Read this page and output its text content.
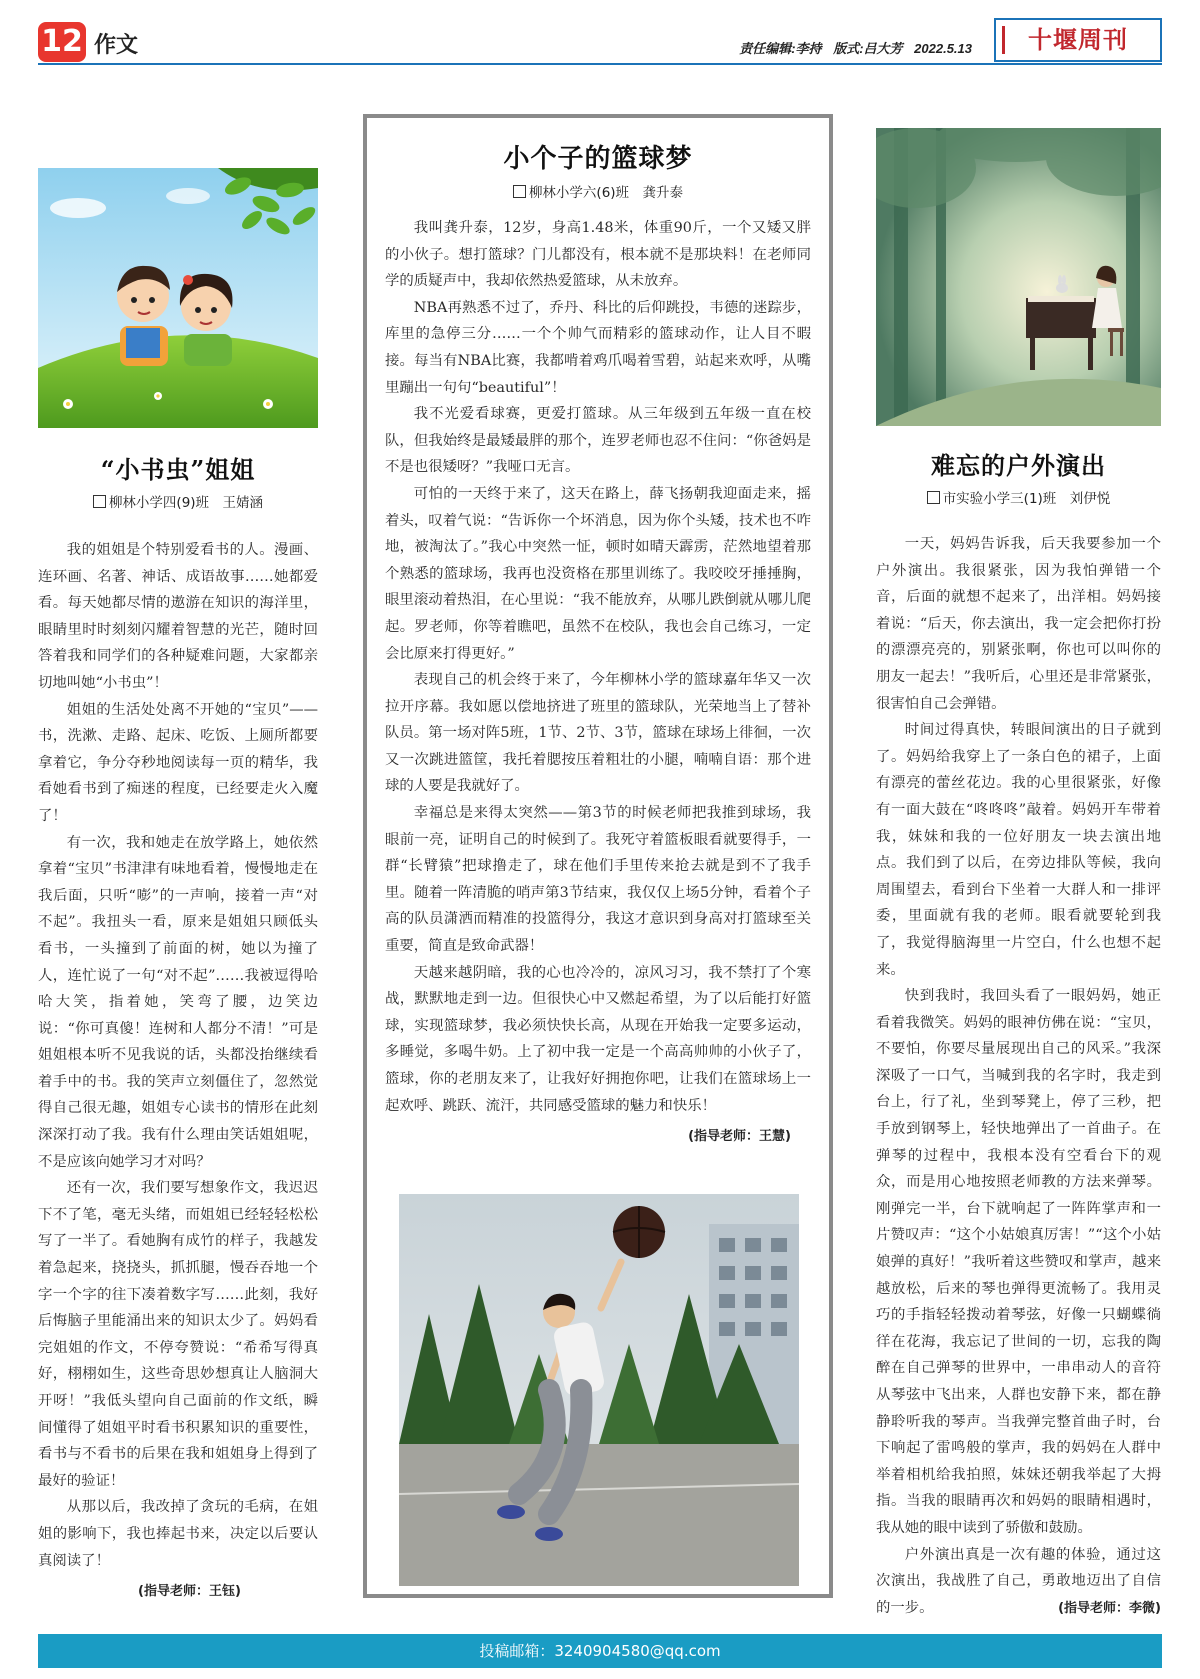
12 作文	责任编辑:李持 版式:吕大芳 2022.5.13	十堰周刊
“小书虫”姐姐
柳林小学四(9)班　王婧涵

我的姐姐是个特别爱看书的人。漫画、连环画、名著、神话、成语故事……她都爱看。每天她都尽情的遨游在知识的海洋里，眼睛里时时刻刻闪耀着智慧的光芒，随时回答着我和同学们的各种疑难问题，大家都亲切地叫她“小书虫”！

姐姐的生活处处离不开她的“宝贝”——书，洗漱、走路、起床、吃饭、上厕所都要拿着它，争分夺秒地阅读每一页的精华，我看她看书到了痴迷的程度，已经要走火入魔了！

有一次，我和她走在放学路上，她依然拿着“宝贝”书津津有味地看着，慢慢地走在我后面，只听“嘭”的一声响，接着一声“对不起”。我扭头一看，原来是姐姐只顾低头看书，一头撞到了前面的树，她以为撞了人，连忙说了一句“对不起”……我被逗得哈哈大笑，指着她，笑弯了腰，边笑边说：“你可真傻！连树和人都分不清！”可是姐姐根本听不见我说的话，头都没抬继续看着手中的书。我的笑声立刻僵住了，忽然觉得自己很无趣，姐姐专心读书的情形在此刻深深打动了我。我有什么理由笑话姐姐呢，不是应该向她学习才对吗？

还有一次，我们要写想象作文，我迟迟下不了笔，毫无头绪，而姐姐已经轻轻松松写了一半了。看她胸有成竹的样子，我越发着急起来，挠挠头，抓抓腿，慢吞吞地一个字一个字的往下凑着数字写……此刻，我好后悔脑子里能涌出来的知识太少了。妈妈看完姐姐的作文，不停夸赞说：“希希写得真好，栩栩如生，这些奇思妙想真让人脑洞大开呀！”我低头望向自己面前的作文纸，瞬间懂得了姐姐平时看书积累知识的重要性，看书与不看书的后果在我和姐姐身上得到了最好的验证！

从那以后，我改掉了贪玩的毛病，在姐姐的影响下，我也捧起书来，决定以后要认真阅读了！

(指导老师：王钰)
小个子的篮球梦
柳林小学六(6)班　龚升泰

我叫龚升泰，12岁，身高1.48米，体重90斤，一个又矮又胖的小伙子。想打篮球？门儿都没有，根本就不是那块料！在老师同学的质疑声中，我却依然热爱篮球，从未放弃。

NBA再熟悉不过了，乔丹、科比的后仰跳投，韦德的迷踪步，库里的急停三分……一个个帅气而精彩的篮球动作，让人目不暇接。每当有NBA比赛，我都啃着鸡爪喝着雪碧，站起来欢呼，从嘴里蹦出一句句“beautiful”！

我不光爱看球赛，更爱打篮球。从三年级到五年级一直在校队，但我始终是最矮最胖的那个，连罗老师也忍不住问：“你爸妈是不是也很矮呀？”我哑口无言。

可怕的一天终于来了，这天在路上，薛飞扬朝我迎面走来，摇着头，叹着气说：“告诉你一个坏消息，因为你个头矮，技术也不咋地，被淘汰了。”我心中突然一怔，顿时如晴天霹雳，茫然地望着那个熟悉的篮球场，我再也没资格在那里训练了。我咬咬牙捶捶胸，眼里滚动着热泪，在心里说：“我不能放弃，从哪儿跌倒就从哪儿爬起。罗老师，你等着瞧吧，虽然不在校队，我也会自己练习，一定会比原来打得更好。”

表现自己的机会终于来了，今年柳林小学的篮球嘉年华又一次拉开序幕。我如愿以偿地挤进了班里的篮球队，光荣地当上了替补队员。第一场对阵5班，1节、2节、3节，篮球在球场上徘徊，一次又一次跳进篮筐，我托着腮按压着粗壮的小腿，喃喃自语：那个进球的人要是我就好了。

幸福总是来得太突然——第3节的时候老师把我推到球场，我眼前一亮，证明自己的时候到了。我死守着篮板眼看就要得手，一群“长臂猿”把球撸走了，球在他们手里传来抢去就是到不了我手里。随着一阵清脆的哨声第3节结束，我仅仅上场5分钟，看着个子高的队员潇洒而精准的投篮得分，我这才意识到身高对打篮球至关重要，简直是致命武器！

天越来越阴暗，我的心也冷冷的，凉风习习，我不禁打了个寒战，默默地走到一边。但很快心中又燃起希望，为了以后能打好篮球，实现篮球梦，我必须快快长高，从现在开始我一定要多运动，多睡觉，多喝牛奶。上了初中我一定是一个高高帅帅的小伙子了，篮球，你的老朋友来了，让我好好拥抱你吧，让我们在篮球场上一起欢呼、跳跃、流汗，共同感受篮球的魅力和快乐！

(指导老师：王慧)
难忘的户外演出
市实验小学三(1)班　刘伊悦

一天，妈妈告诉我，后天我要参加一个户外演出。我很紧张，因为我怕弹错一个音，后面的就想不起来了，出洋相。妈妈接着说：“后天，你去演出，我一定会把你打扮的漂漂亮亮的，别紧张啊，你也可以叫你的朋友一起去！”我听后，心里还是非常紧张，很害怕自己会弹错。

时间过得真快，转眼间演出的日子就到了。妈妈给我穿上了一条白色的裙子，上面有漂亮的蕾丝花边。我的心里很紧张，好像有一面大鼓在“咚咚咚”敲着。妈妈开车带着我，妹妹和我的一位好朋友一块去演出地点。我们到了以后，在旁边排队等候，我向周围望去，看到台下坐着一大群人和一排评委，里面就有我的老师。眼看就要轮到我了，我觉得脑海里一片空白，什么也想不起来。

快到我时，我回头看了一眼妈妈，她正看着我微笑。妈妈的眼神仿佛在说：“宝贝，不要怕，你要尽量展现出自己的风采。”我深深吸了一口气，当喊到我的名字时，我走到台上，行了礼，坐到琴凳上，停了三秒，把手放到钢琴上，轻快地弹出了一首曲子。在弹琴的过程中，我根本没有空看台下的观众，而是用心地按照老师教的方法来弹琴。刚弹完一半，台下就响起了一阵阵掌声和一片赞叹声：“这个小姑娘真厉害！”“这个小姑娘弹的真好！”我听着这些赞叹和掌声，越来越放松，后来的琴也弹得更流畅了。我用灵巧的手指轻轻拨动着琴弦，好像一只蝴蝶徜徉在花海，我忘记了世间的一切，忘我的陶醉在自己弹琴的世界中，一串串动人的音符从琴弦中飞出来，人群也安静下来，都在静静聆听我的琴声。当我弹完整首曲子时，台下响起了雷鸣般的掌声，我的妈妈在人群中举着相机给我拍照，妹妹还朝我举起了大拇指。当我的眼睛再次和妈妈的眼睛相遇时，我从她的眼中读到了骄傲和鼓励。

户外演出真是一次有趣的体验，通过这次演出，我战胜了自己，勇敢地迈出了自信的一步。	(指导老师：李微)
投稿邮箱：3240904580@qq.com
